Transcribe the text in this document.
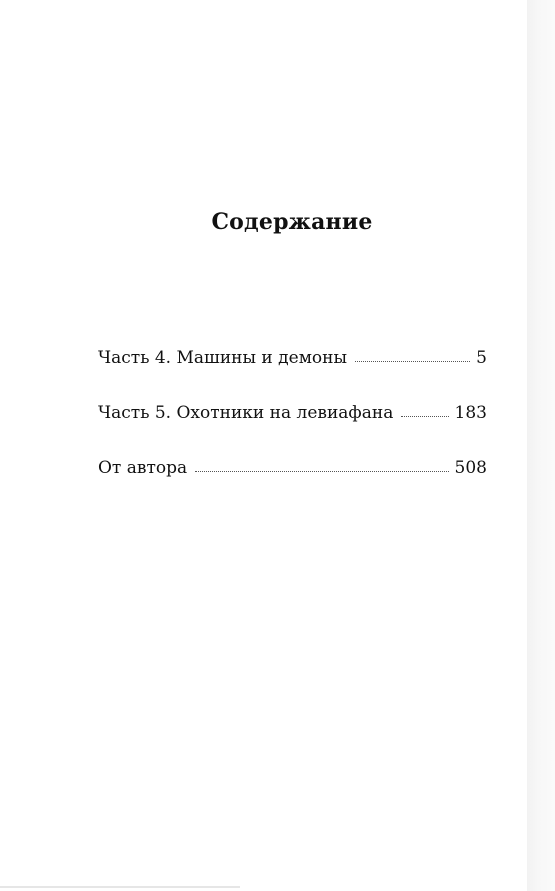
Содержание
Часть 4. Машины и демоны	5
Часть 5. Охотники на левиафана	183
От автора	508
